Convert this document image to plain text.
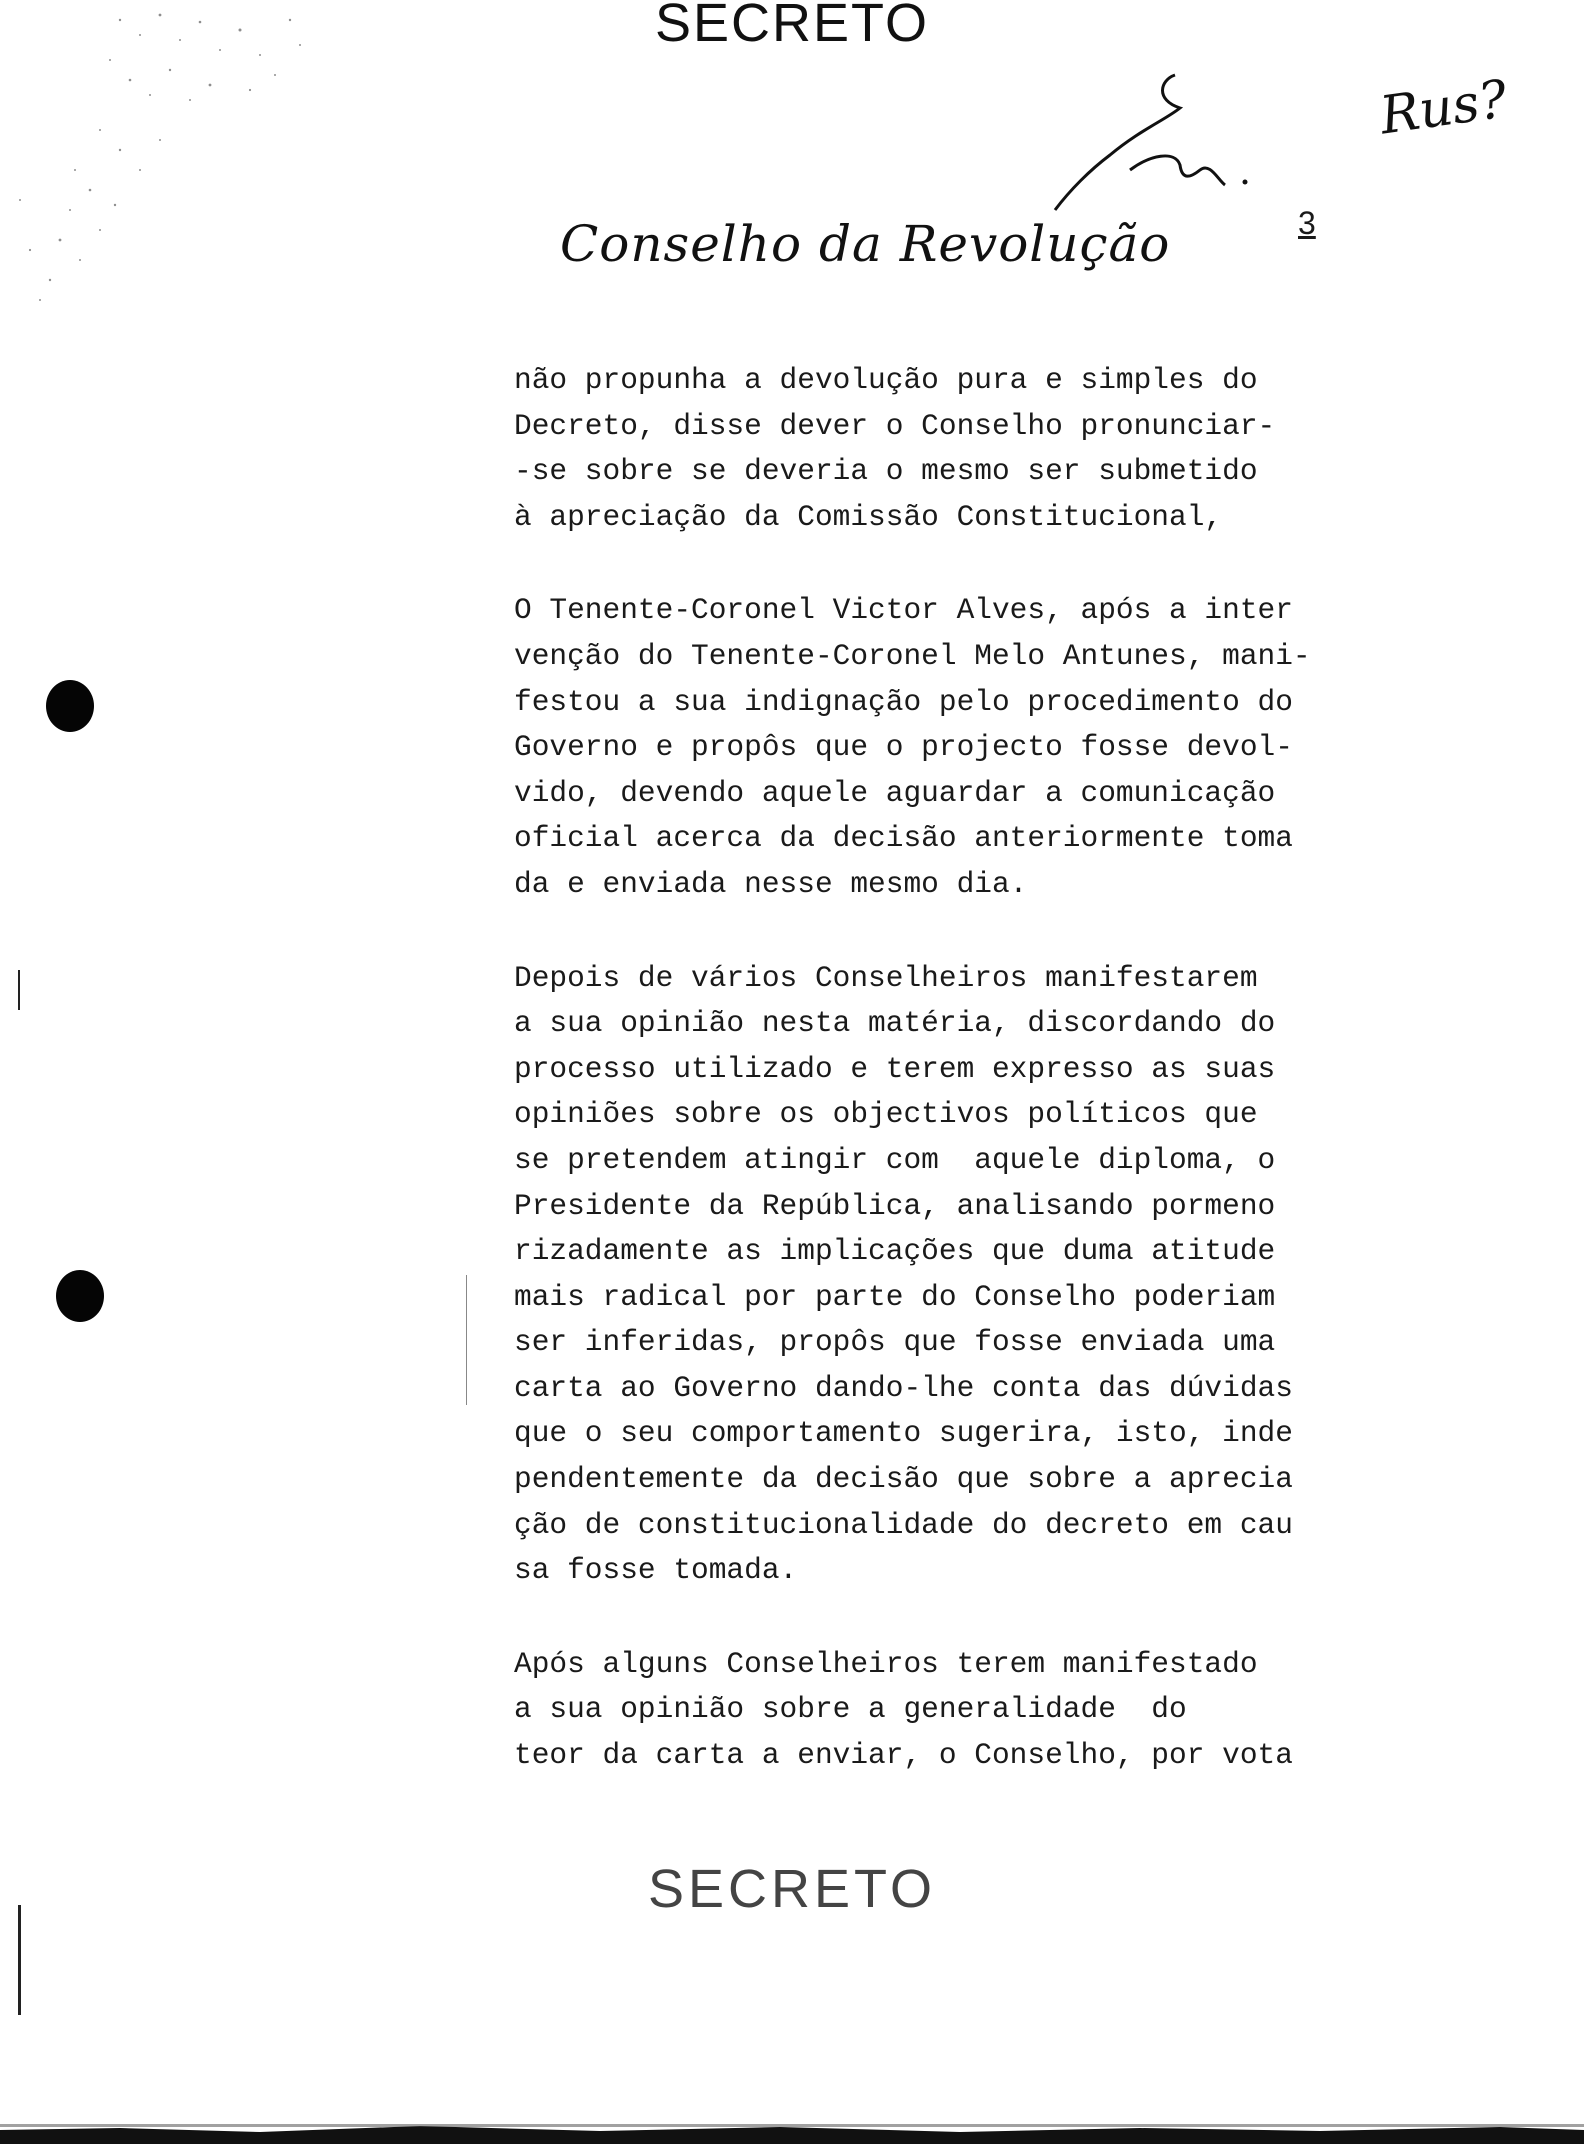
SECRETO
Rus?
Conselho da Revolução	3
não propunha a devolução pura e simples do
Decreto, disse dever o Conselho pronunciar-
-se sobre se deveria o mesmo ser submetido
à apreciação da Comissão Constitucional,
O Tenente-Coronel Victor Alves, após a inter
venção do Tenente-Coronel Melo Antunes, mani-
festou a sua indignação pelo procedimento do
Governo e propôs que o projecto fosse devol-
vido, devendo aquele aguardar a comunicação
oficial acerca da decisão anteriormente toma
da e enviada nesse mesmo dia.
Depois de vários Conselheiros manifestarem
a sua opinião nesta matéria, discordando do
processo utilizado e terem expresso as suas
opiniões sobre os objectivos políticos que
se pretendem atingir com  aquele diploma, o
Presidente da República, analisando pormeno
rizadamente as implicações que duma atitude
mais radical por parte do Conselho poderiam
ser inferidas, propôs que fosse enviada uma
carta ao Governo dando-lhe conta das dúvidas
que o seu comportamento sugerira, isto, inde
pendentemente da decisão que sobre a aprecia
ção de constitucionalidade do decreto em cau
sa fosse tomada.
Após alguns Conselheiros terem manifestado
a sua opinião sobre a generalidade  do
teor da carta a enviar, o Conselho, por vota
SECRETO
